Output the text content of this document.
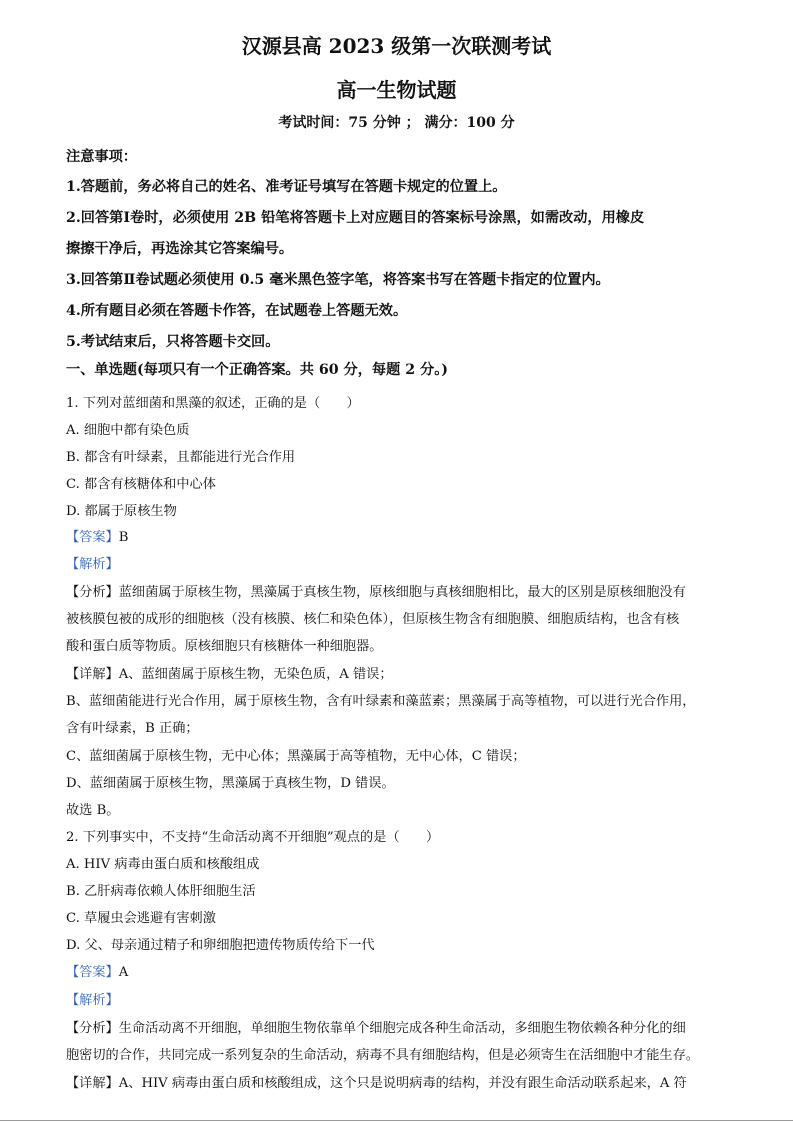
汉源县高 2023 级第一次联测考试
高一生物试题
考试时间：75 分钟 ； 满分：100 分
注意事项：
1.答题前，务必将自己的姓名、准考证号填写在答题卡规定的位置上。
2.回答第Ⅰ卷时，必须使用 2B 铅笔将答题卡上对应题目的答案标号涂黑，如需改动，用橡皮
擦擦干净后，再选涂其它答案编号。
3.回答第Ⅱ卷试题必须使用 0.5 毫米黑色签字笔，将答案书写在答题卡指定的位置内。
4.所有题目必须在答题卡作答，在试题卷上答题无效。
5.考试结束后，只将答题卡交回。
一、单选题(每项只有一个正确答案。共 60 分，每题 2 分。)
1. 下列对蓝细菌和黑藻的叙述，正确的是（　　）
A. 细胞中都有染色质
B. 都含有叶绿素，且都能进行光合作用
C. 都含有核糖体和中心体
D. 都属于原核生物
【答案】B
【解析】
【分析】蓝细菌属于原核生物，黑藻属于真核生物，原核细胞与真核细胞相比，最大的区别是原核细胞没有
被核膜包被的成形的细胞核（没有核膜、核仁和染色体），但原核生物含有细胞膜、细胞质结构，也含有核
酸和蛋白质等物质。原核细胞只有核糖体一种细胞器。
【详解】A、蓝细菌属于原核生物，无染色质，A 错误；
B、蓝细菌能进行光合作用，属于原核生物，含有叶绿素和藻蓝素；黑藻属于高等植物，可以进行光合作用，
含有叶绿素，B 正确；
C、蓝细菌属于原核生物，无中心体；黑藻属于高等植物，无中心体，C 错误；
D、蓝细菌属于原核生物，黑藻属于真核生物，D 错误。
故选 B。
2. 下列事实中，不支持“生命活动离不开细胞”观点的是（　　）
A. HIV 病毒由蛋白质和核酸组成
B. 乙肝病毒依赖人体肝细胞生活
C. 草履虫会逃避有害刺激
D. 父、母亲通过精子和卵细胞把遗传物质传给下一代
【答案】A
【解析】
【分析】生命活动离不开细胞，单细胞生物依靠单个细胞完成各种生命活动，多细胞生物依赖各种分化的细
胞密切的合作，共同完成一系列复杂的生命活动，病毒不具有细胞结构，但是必须寄生在活细胞中才能生存。
【详解】A、HIV 病毒由蛋白质和核酸组成，这个只是说明病毒的结构，并没有跟生命活动联系起来，A 符
